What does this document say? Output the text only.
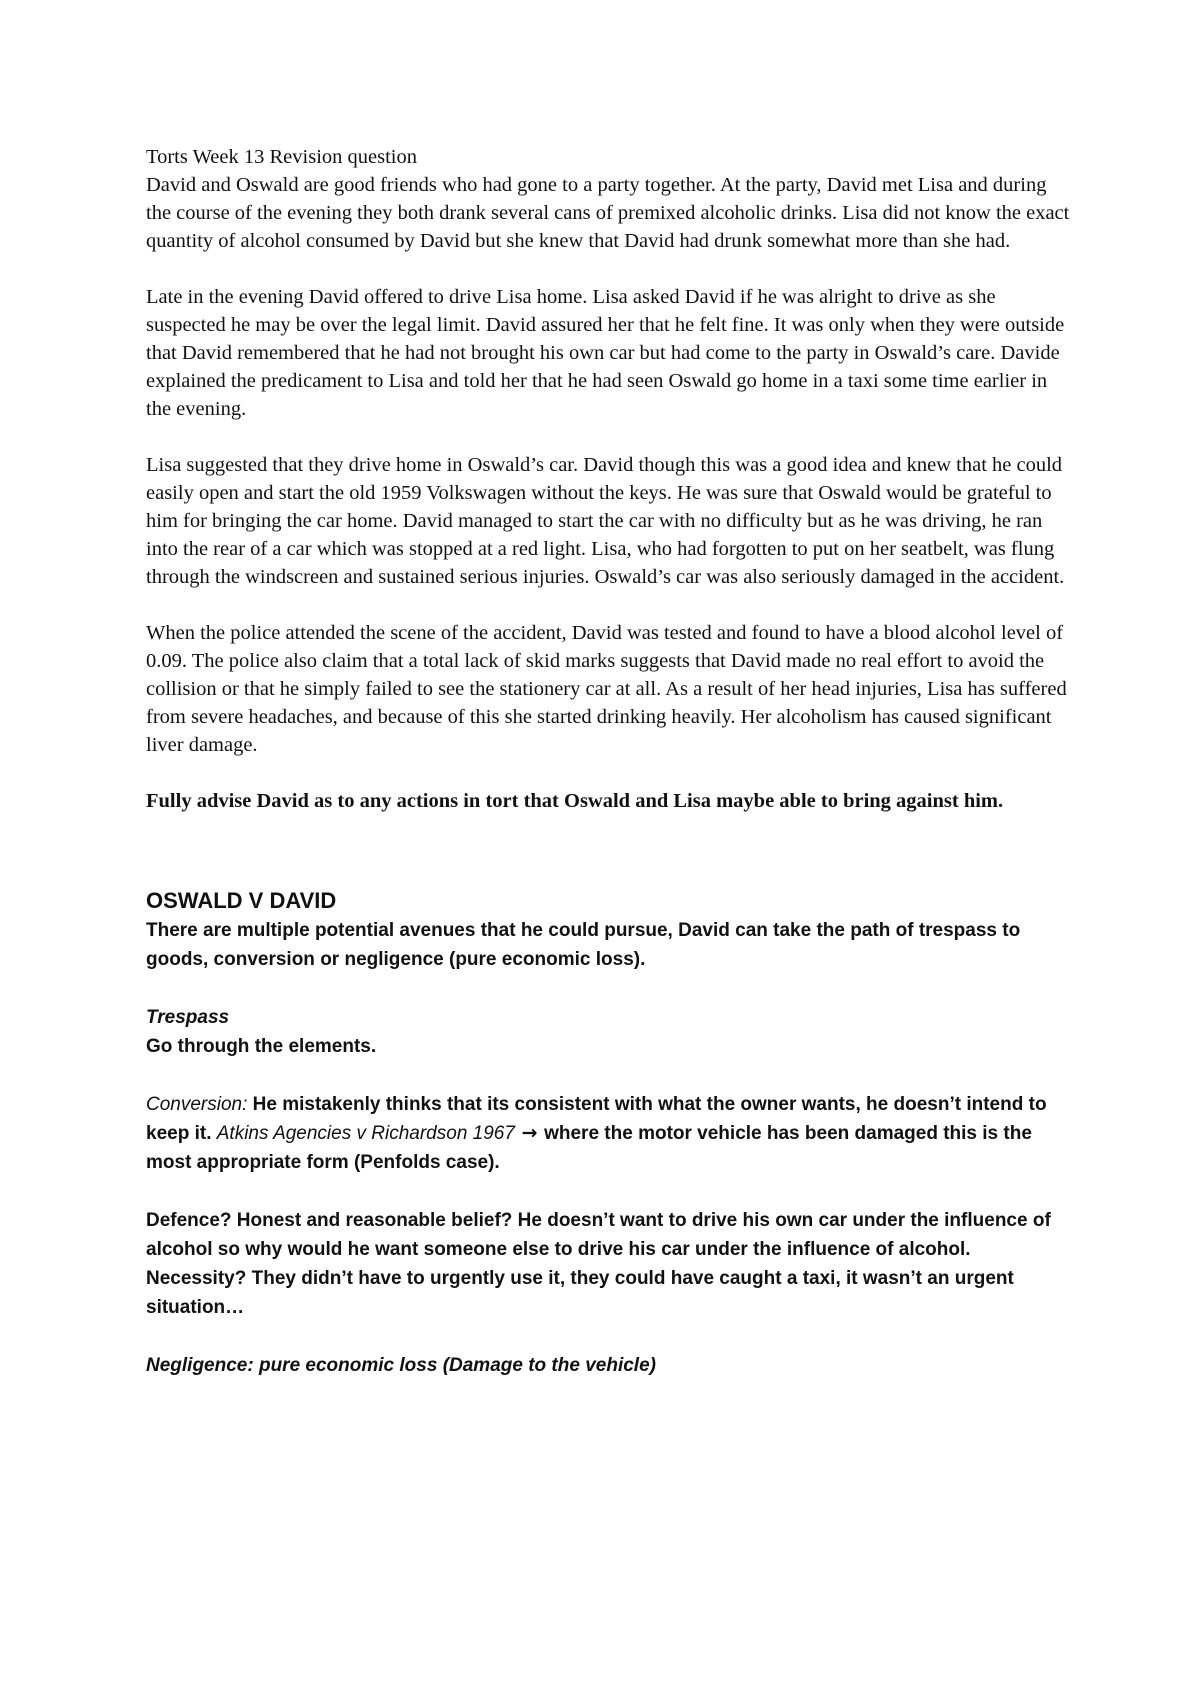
Torts Week 13 Revision question

David and Oswald are good friends who had gone to a party together. At the party, David met Lisa and during the course of the evening they both drank several cans of premixed alcoholic drinks. Lisa did not know the exact quantity of alcohol consumed by David but she knew that David had drunk somewhat more than she had.

Late in the evening David offered to drive Lisa home. Lisa asked David if he was alright to drive as she suspected he may be over the legal limit. David assured her that he felt fine. It was only when they were outside that David remembered that he had not brought his own car but had come to the party in Oswald’s care. Davide explained the predicament to Lisa and told her that he had seen Oswald go home in a taxi some time earlier in the evening.

Lisa suggested that they drive home in Oswald’s car. David though this was a good idea and knew that he could easily open and start the old 1959 Volkswagen without the keys. He was sure that Oswald would be grateful to him for bringing the car home. David managed to start the car with no difficulty but as he was driving, he ran into the rear of a car which was stopped at a red light. Lisa, who had forgotten to put on her seatbelt, was flung through the windscreen and sustained serious injuries. Oswald’s car was also seriously damaged in the accident.

When the police attended the scene of the accident, David was tested and found to have a blood alcohol level of 0.09. The police also claim that a total lack of skid marks suggests that David made no real effort to avoid the collision or that he simply failed to see the stationery car at all. As a result of her head injuries, Lisa has suffered from severe headaches, and because of this she started drinking heavily. Her alcoholism has caused significant liver damage.

Fully advise David as to any actions in tort that Oswald and Lisa maybe able to bring against him.

OSWALD V DAVID

There are multiple potential avenues that he could pursue, David can take the path of trespass to goods, conversion or negligence (pure economic loss).

Trespass

Go through the elements.

Conversion: He mistakenly thinks that its consistent with what the owner wants, he doesn’t intend to keep it. Atkins Agencies v Richardson 1967 → where the motor vehicle has been damaged this is the most appropriate form (Penfolds case).

Defence? Honest and reasonable belief? He doesn’t want to drive his own car under the influence of alcohol so why would he want someone else to drive his car under the influence of alcohol.

Necessity? They didn’t have to urgently use it, they could have caught a taxi, it wasn’t an urgent situation…

Negligence: pure economic loss (Damage to the vehicle)
